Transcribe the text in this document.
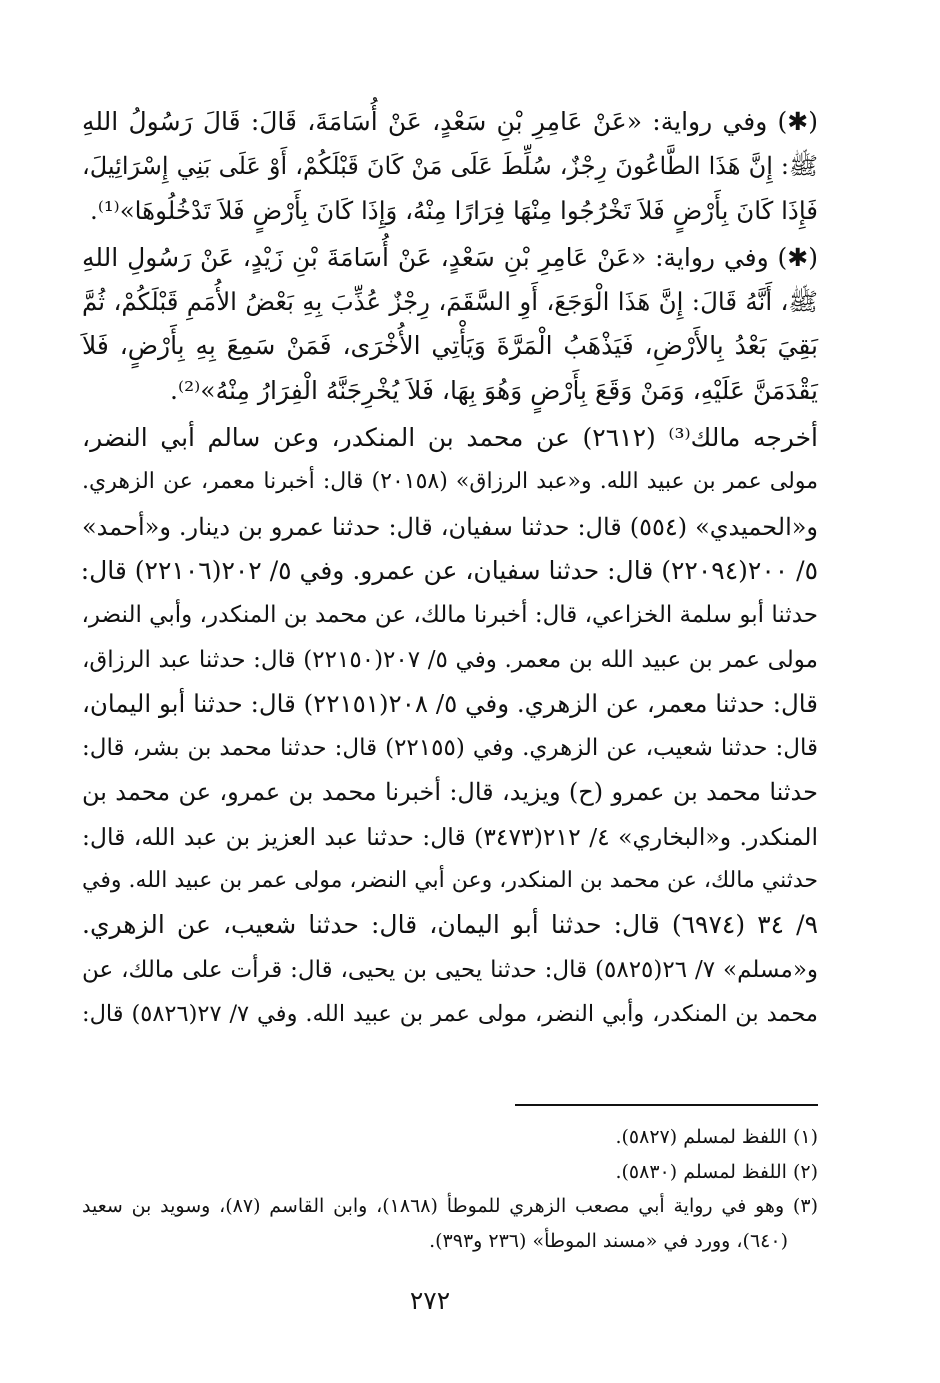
(✱) وفي رواية: «عَنْ عَامِرِ بْنِ سَعْدٍ، عَنْ أُسَامَةَ، قَالَ: قَالَ رَسُولُ اللهِ
ﷺ: إِنَّ هَذَا الطَّاعُونَ رِجْزٌ، سُلِّطَ عَلَى مَنْ كَانَ قَبْلَكُمْ، أَوْ عَلَى بَنِي إِسْرَائِيلَ،
فَإِذَا كَانَ بِأَرْضٍ فَلاَ تَخْرُجُوا مِنْهَا فِرَارًا مِنْهُ، وَإِذَا كَانَ بِأَرْضٍ فَلاَ تَدْخُلُوهَا»⁽¹⁾.
(✱) وفي رواية: «عَنْ عَامِرِ بْنِ سَعْدٍ، عَنْ أُسَامَةَ بْنِ زَيْدٍ، عَنْ رَسُولِ اللهِ
ﷺ، أَنَّهُ قَالَ: إِنَّ هَذَا الْوَجَعَ، أَوِ السَّقَمَ، رِجْزٌ عُذِّبَ بِهِ بَعْضُ الأُمَمِ قَبْلَكُمْ، ثُمَّ
بَقِيَ بَعْدُ بِالأَرْضِ، فَيَذْهَبُ الْمَرَّةَ وَيَأْتِي الأُخْرَى، فَمَنْ سَمِعَ بِهِ بِأَرْضٍ، فَلاَ
يَقْدَمَنَّ عَلَيْهِ، وَمَنْ وَقَعَ بِأَرْضٍ وَهُوَ بِهَا، فَلاَ يُخْرِجَنَّهُ الْفِرَارُ مِنْهُ»⁽²⁾.
أخرجه مالك⁽³⁾ (٢٦١٢) عن محمد بن المنكدر، وعن سالم أبي النضر،
مولى عمر بن عبيد الله. و«عبد الرزاق» (٢٠١٥٨) قال: أخبرنا معمر، عن الزهري.
و«الحميدي» (٥٥٤) قال: حدثنا سفيان، قال: حدثنا عمرو بن دينار. و«أحمد»
٥/ ٢٠٠(٢٢٠٩٤) قال: حدثنا سفيان، عن عمرو. وفي ٥/ ٢٠٢(٢٢١٠٦) قال:
حدثنا أبو سلمة الخزاعي، قال: أخبرنا مالك، عن محمد بن المنكدر، وأبي النضر،
مولى عمر بن عبيد الله بن معمر. وفي ٥/ ٢٠٧(٢٢١٥٠) قال: حدثنا عبد الرزاق،
قال: حدثنا معمر، عن الزهري. وفي ٥/ ٢٠٨(٢٢١٥١) قال: حدثنا أبو اليمان،
قال: حدثنا شعيب، عن الزهري. وفي (٢٢١٥٥) قال: حدثنا محمد بن بشر، قال:
حدثنا محمد بن عمرو (ح) ويزيد، قال: أخبرنا محمد بن عمرو، عن محمد بن
المنكدر. و«البخاري» ٤/ ٢١٢(٣٤٧٣) قال: حدثنا عبد العزيز بن عبد الله، قال:
حدثني مالك، عن محمد بن المنكدر، وعن أبي النضر، مولى عمر بن عبيد الله. وفي
٩/ ٣٤ (٦٩٧٤) قال: حدثنا أبو اليمان، قال: حدثنا شعيب، عن الزهري.
و«مسلم» ٧/ ٢٦(٥٨٢٥) قال: حدثنا يحيى بن يحيى، قال: قرأت على مالك، عن
محمد بن المنكدر، وأبي النضر، مولى عمر بن عبيد الله. وفي ٧/ ٢٧(٥٨٢٦) قال:
(١) اللفظ لمسلم (٥٨٢٧).
(٢) اللفظ لمسلم (٥٨٣٠).
(٣) وهو في رواية أبي مصعب الزهري للموطأ (١٨٦٨)، وابن القاسم (٨٧)، وسويد بن سعيد
(٦٤٠)، وورد في «مسند الموطأ» (٢٣٦ و٣٩٣).
٢٧٢
